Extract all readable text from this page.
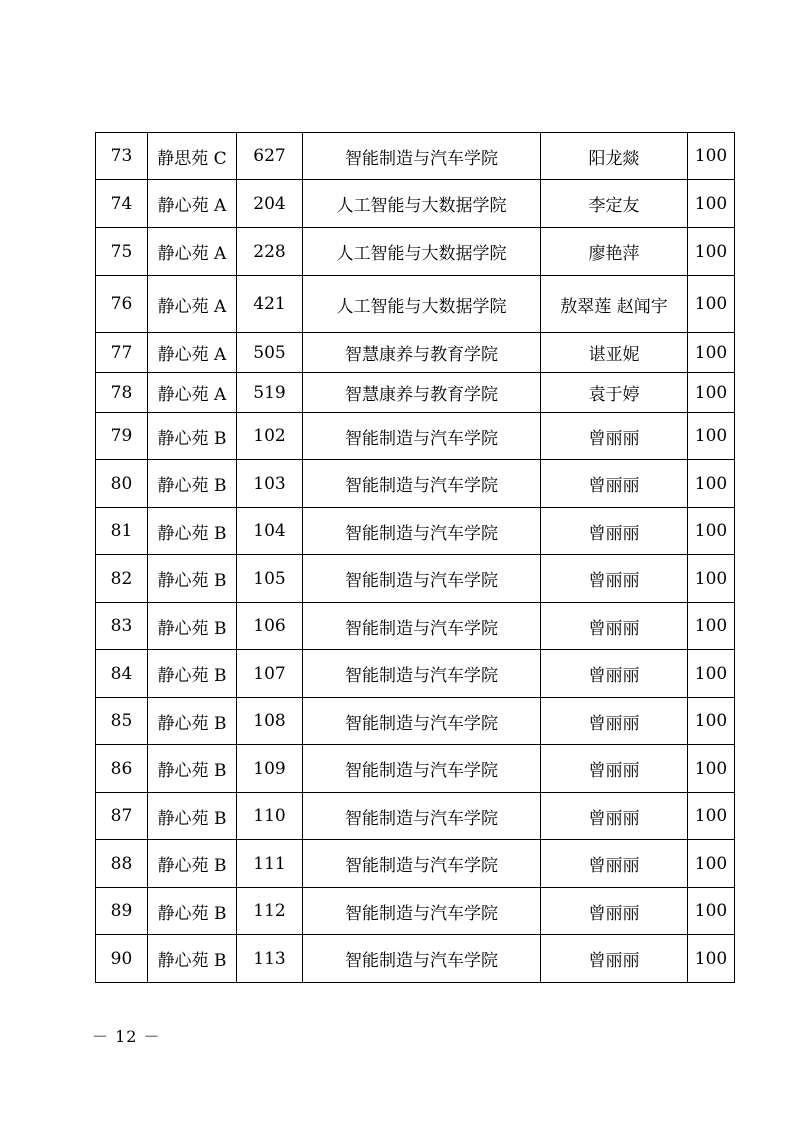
73	静思苑 C	627	智能制造与汽车学院	阳龙燚	100
74	静心苑 A	204	人工智能与大数据学院	李定友	100
75	静心苑 A	228	人工智能与大数据学院	廖艳萍	100
76	静心苑 A	421	人工智能与大数据学院	敖翠莲 赵闻宇	100
77	静心苑 A	505	智慧康养与教育学院	谌亚妮	100
78	静心苑 A	519	智慧康养与教育学院	袁于婷	100
79	静心苑 B	102	智能制造与汽车学院	曾丽丽	100
80	静心苑 B	103	智能制造与汽车学院	曾丽丽	100
81	静心苑 B	104	智能制造与汽车学院	曾丽丽	100
82	静心苑 B	105	智能制造与汽车学院	曾丽丽	100
83	静心苑 B	106	智能制造与汽车学院	曾丽丽	100
84	静心苑 B	107	智能制造与汽车学院	曾丽丽	100
85	静心苑 B	108	智能制造与汽车学院	曾丽丽	100
86	静心苑 B	109	智能制造与汽车学院	曾丽丽	100
87	静心苑 B	110	智能制造与汽车学院	曾丽丽	100
88	静心苑 B	111	智能制造与汽车学院	曾丽丽	100
89	静心苑 B	112	智能制造与汽车学院	曾丽丽	100
90	静心苑 B	113	智能制造与汽车学院	曾丽丽	100
－ 12 －
